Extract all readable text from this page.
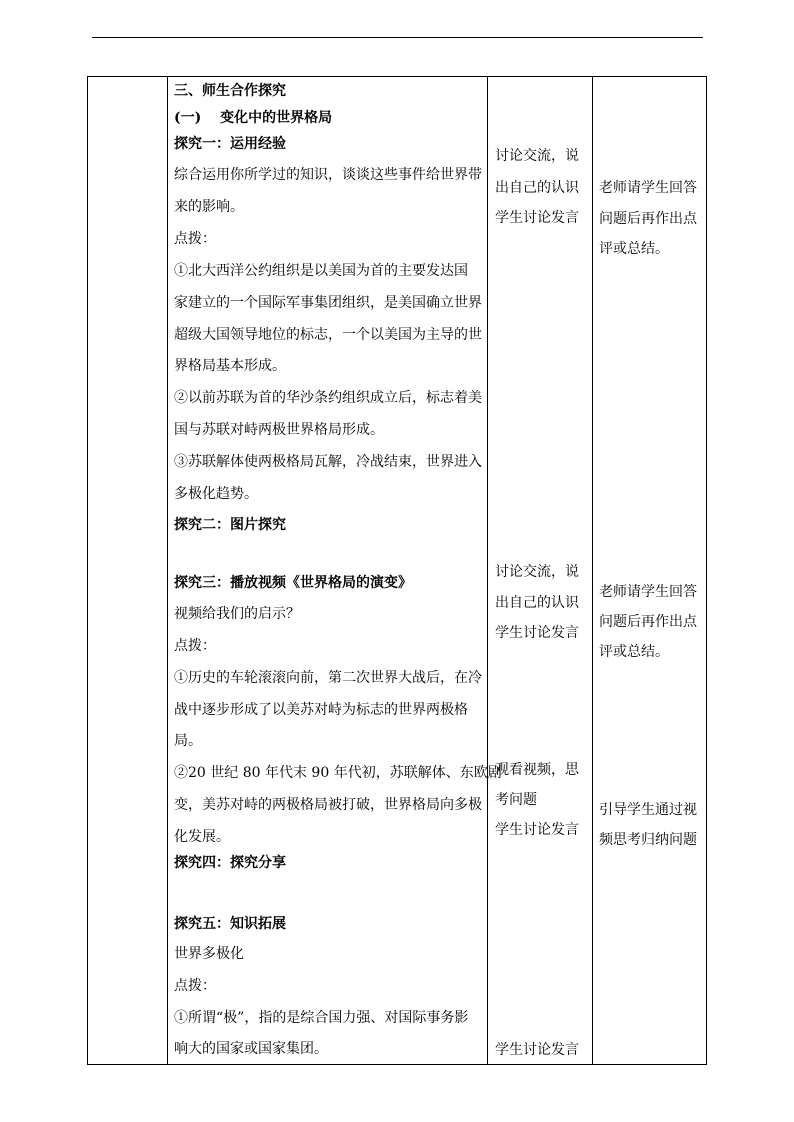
三、师生合作探究
(一)　 变化中的世界格局
探究一：运用经验
综合运用你所学过的知识，谈谈这些事件给世界带
来的影响。
点拨：
①北大西洋公约组织是以美国为首的主要发达国
家建立的一个国际军事集团组织，是美国确立世界
超级大国领导地位的标志，一个以美国为主导的世
界格局基本形成。
②以前苏联为首的华沙条约组织成立后，标志着美
国与苏联对峙两极世界格局形成。
③苏联解体使两极格局瓦解，冷战结束，世界进入
多极化趋势。
探究二：图片探究
探究三：播放视频《世界格局的演变》
视频给我们的启示？
点拨：
①历史的车轮滚滚向前，第二次世界大战后，在冷
战中逐步形成了以美苏对峙为标志的世界两极格
局。
②20 世纪 80 年代末 90 年代初，苏联解体、东欧剧
变，美苏对峙的两极格局被打破，世界格局向多极
化发展。
探究四：探究分享
探究五：知识拓展
世界多极化
点拨：
①所谓“极”，指的是综合国力强、对国际事务影
响大的国家或国家集团。
讨论交流，说
出自己的认识
学生讨论发言
讨论交流，说
出自己的认识
学生讨论发言
观看视频，思
考问题
学生讨论发言
学生讨论发言
老师请学生回答
问题后再作出点
评或总结。
老师请学生回答
问题后再作出点
评或总结。
引导学生通过视
频思考归纳问题
